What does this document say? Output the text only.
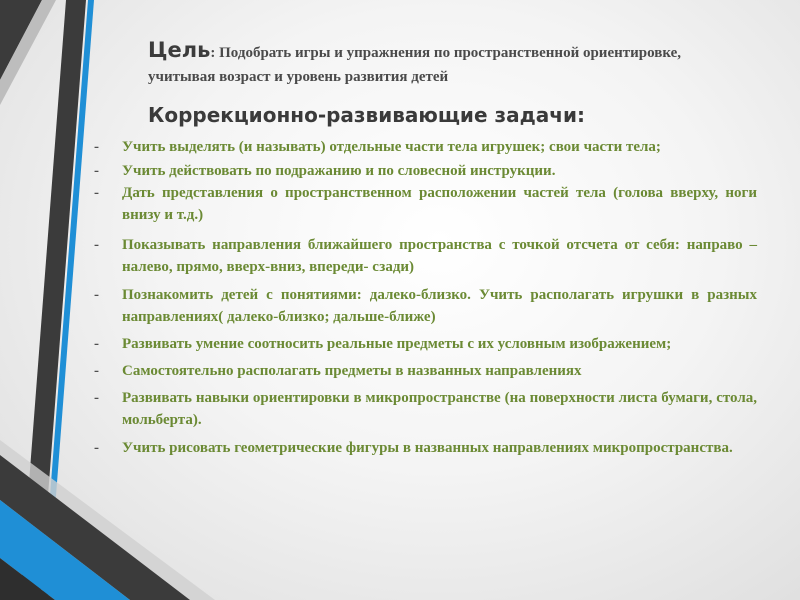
Цель: Подобрать игры и упражнения по пространственной ориентировке, учитывая возраст и уровень развития детей

Коррекционно-развивающие задачи:
- Учить выделять (и называть) отдельные части тела игрушек; свои части тела;
- Учить действовать по подражанию и по словесной инструкции.
- Дать представления о пространственном расположении частей тела (голова вверху, ноги внизу и т.д.)
- Показывать направления ближайшего пространства с точкой отсчета от себя: направо –налево, прямо, вверх-вниз, впереди- сзади)
- Познакомить детей с понятиями: далеко-близко. Учить располагать игрушки в разных направлениях( далеко-близко; дальше-ближе)
- Развивать умение соотносить реальные предметы с их условным изображением;
- Самостоятельно располагать предметы в названных направлениях
- Развивать навыки ориентировки в микропространстве (на поверхности листа бумаги, стола, мольберта).
- Учить рисовать геометрические фигуры в названных направлениях микропространства.
